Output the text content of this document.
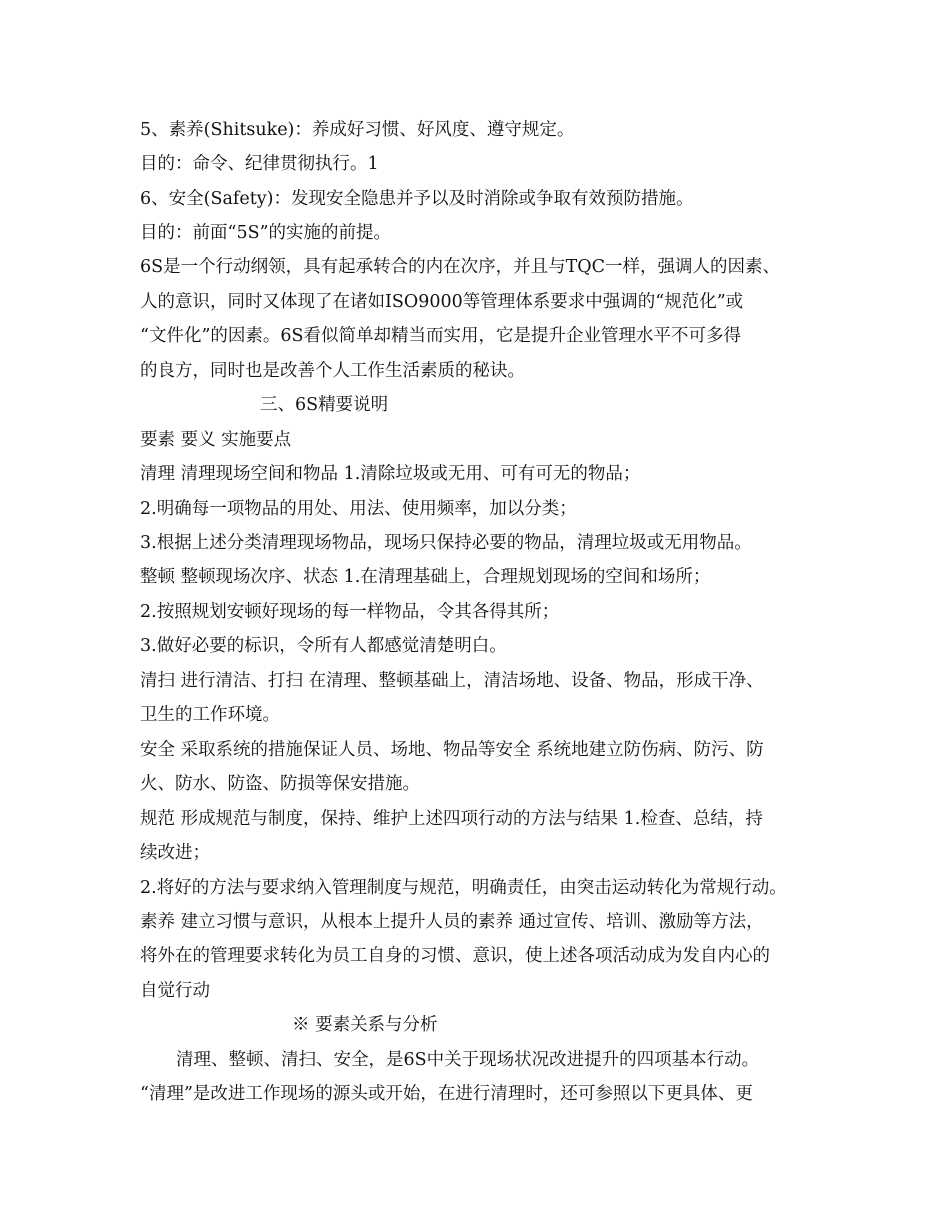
5、素养(Shitsuke)：养成好习惯、好风度、遵守规定。
目的：命令、纪律贯彻执行。1
6、安全(Safety)：发现安全隐患并予以及时消除或争取有效预防措施。
目的：前面“5S”的实施的前提。
6S是一个行动纲领，具有起承转合的内在次序，并且与TQC一样，强调人的因素、
人的意识，同时又体现了在诸如ISO9000等管理体系要求中强调的“规范化”或
“文件化”的因素。6S看似简单却精当而实用，它是提升企业管理水平不可多得
的良方，同时也是改善个人工作生活素质的秘诀。
三、6S精要说明
要素 要义 实施要点
清理 清理现场空间和物品 1.清除垃圾或无用、可有可无的物品；
2.明确每一项物品的用处、用法、使用频率，加以分类；
3.根据上述分类清理现场物品，现场只保持必要的物品，清理垃圾或无用物品。
整顿 整顿现场次序、状态 1.在清理基础上，合理规划现场的空间和场所；
2.按照规划安顿好现场的每一样物品，令其各得其所；
3.做好必要的标识，令所有人都感觉清楚明白。
清扫 进行清洁、打扫 在清理、整顿基础上，清洁场地、设备、物品，形成干净、
卫生的工作环境。
安全 采取系统的措施保证人员、场地、物品等安全 系统地建立防伤病、防污、防
火、防水、防盗、防损等保安措施。
规范 形成规范与制度，保持、维护上述四项行动的方法与结果 1.检查、总结，持
续改进；
2.将好的方法与要求纳入管理制度与规范，明确责任，由突击运动转化为常规行动。
素养 建立习惯与意识，从根本上提升人员的素养 通过宣传、培训、激励等方法，
将外在的管理要求转化为员工自身的习惯、意识，使上述各项活动成为发自内心的
自觉行动
※ 要素关系与分析
清理、整顿、清扫、安全，是6S中关于现场状况改进提升的四项基本行动。
“清理”是改进工作现场的源头或开始，在进行清理时，还可参照以下更具体、更
